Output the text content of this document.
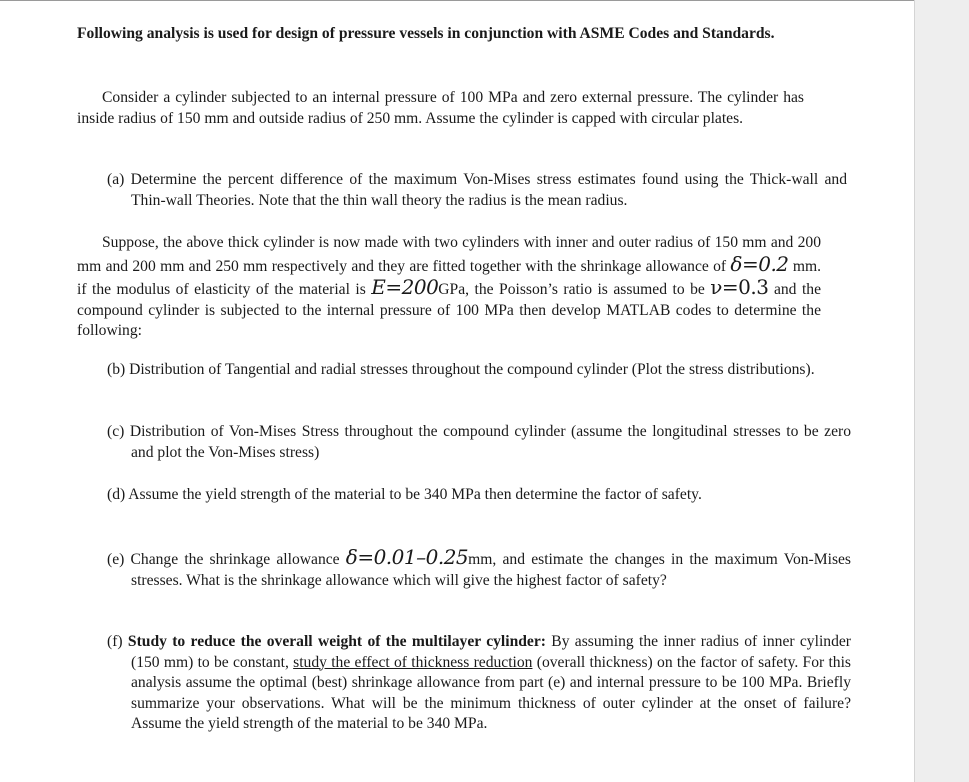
Following analysis is used for design of pressure vessels in conjunction with ASME Codes and Standards.

Consider a cylinder subjected to an internal pressure of 100 MPa and zero external pressure. The cylinder has inside radius of 150 mm and outside radius of 250 mm. Assume the cylinder is capped with circular plates.

(a) Determine the percent difference of the maximum Von-Mises stress estimates found using the Thick-wall and Thin-wall Theories. Note that the thin wall theory the radius is the mean radius.

Suppose, the above thick cylinder is now made with two cylinders with inner and outer radius of 150 mm and 200 mm and 200 mm and 250 mm respectively and they are fitted together with the shrinkage allowance of δ=0.2 mm. if the modulus of elasticity of the material is E=200GPa, the Poisson’s ratio is assumed to be ν=0.3 and the compound cylinder is subjected to the internal pressure of 100 MPa then develop MATLAB codes to determine the following:

(b) Distribution of Tangential and radial stresses throughout the compound cylinder (Plot the stress distributions).

(c) Distribution of Von-Mises Stress throughout the compound cylinder (assume the longitudinal stresses to be zero and plot the Von-Mises stress)

(d) Assume the yield strength of the material to be 340 MPa then determine the factor of safety.

(e) Change the shrinkage allowance δ=0.01–0.25mm, and estimate the changes in the maximum Von-Mises stresses. What is the shrinkage allowance which will give the highest factor of safety?

(f) Study to reduce the overall weight of the multilayer cylinder: By assuming the inner radius of inner cylinder (150 mm) to be constant, study the effect of thickness reduction (overall thickness) on the factor of safety. For this analysis assume the optimal (best) shrinkage allowance from part (e) and internal pressure to be 100 MPa. Briefly summarize your observations. What will be the minimum thickness of outer cylinder at the onset of failure? Assume the yield strength of the material to be 340 MPa.
